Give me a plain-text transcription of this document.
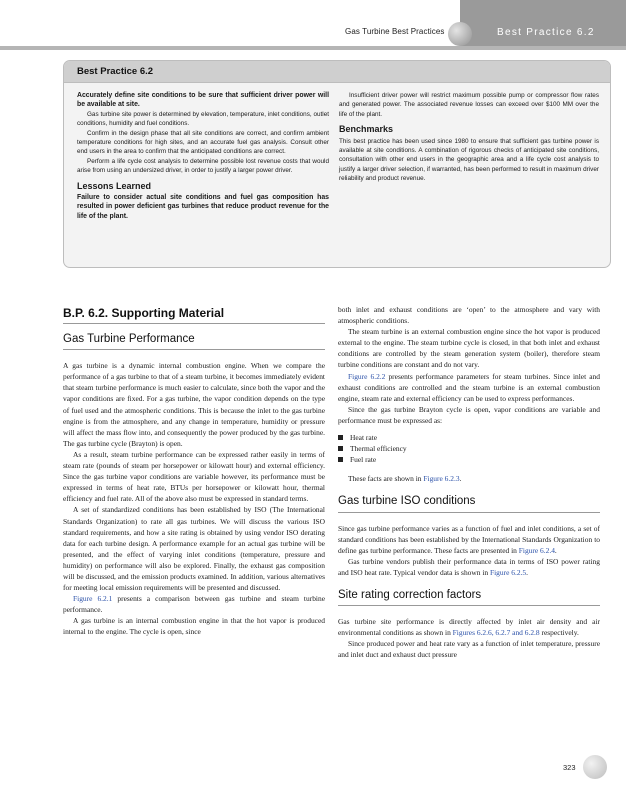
Gas Turbine Best Practices	Best Practice 6.2
Best Practice 6.2

Accurately define site conditions to be sure that sufficient driver power will be available at site.

Gas turbine site power is determined by elevation, temperature, inlet conditions, outlet conditions, humidity and fuel conditions.

Confirm in the design phase that all site conditions are correct, and confirm ambient temperature conditions for high sites, and an accurate fuel gas analysis. Consult other end users in the area to confirm that the anticipated conditions are correct.

Perform a life cycle cost analysis to determine possible lost revenue costs that would arise from using an undersized driver, in order to justify a larger power driver.

Lessons Learned

Failure to consider actual site conditions and fuel gas composition has resulted in power deficient gas turbines that reduce product revenue for the life of the plant.

Insufficient driver power will restrict maximum possible pump or compressor flow rates and generated power. The associated revenue losses can exceed over $100 MM over the life of the plant.

Benchmarks

This best practice has been used since 1980 to ensure that sufficient gas turbine power is available at site conditions. A combination of rigorous checks of anticipated site conditions, consultation with other end users in the geographic area and a life cycle cost analysis to justify a larger driver selection, if warranted, has been performed to result in maximum driver reliability and product revenue.

B.P. 6.2. Supporting Material
Gas Turbine Performance

A gas turbine is a dynamic internal combustion engine. When we compare the performance of a gas turbine to that of a steam turbine, it becomes immediately evident that steam turbine performance is much easier to calculate, since both the vapor and the vapor conditions are fixed. For a gas turbine, the vapor condition depends on the type of fuel used and the atmospheric conditions. This is because the inlet to the gas turbine engine is from the atmosphere, and any change in temperature, humidity or pressure will affect the mass flow into, and consequently the power produced by the gas turbine. The gas turbine cycle (Brayton) is open.

As a result, steam turbine performance can be expressed rather easily in terms of steam rate (pounds of steam per horsepower or kilowatt hour) and external efficiency. Since the gas turbine vapor conditions are variable however, its performance must be expressed in terms of heat rate, BTUs per horsepower or kilowatt hour, thermal efficiency and fuel rate. All of the above also must be expressed in standard terms.

A set of standardized conditions has been established by ISO (The International Standards Organization) to rate all gas turbines. We will discuss the various ISO standard requirements, and how a site rating is obtained by using vendor ISO derating data for each turbine design. A performance example for an actual gas turbine will be presented, and the effect of varying inlet conditions (temperature, pressure and humidity) on performance will also be explored. Finally, the exhaust gas composition will be discussed, and the emission products examined. In addition, various alternatives for meeting local emission requirements will be presented and discussed.

Figure 6.2.1 presents a comparison between gas turbine and steam turbine performance.

A gas turbine is an internal combustion engine in that the hot vapor is produced internal to the engine. The cycle is open, since

both inlet and exhaust conditions are ‘open’ to the atmosphere and vary with atmospheric conditions.

The steam turbine is an external combustion engine since the hot vapor is produced external to the engine. The steam turbine cycle is closed, in that both inlet and exhaust conditions are controlled by the steam generation system (boiler), therefore steam turbine conditions are constant and do not vary.

Figure 6.2.2 presents performance parameters for steam turbines. Since inlet and exhaust conditions are controlled and the steam turbine is an external combustion engine, steam rate and external efficiency can be used to express performances.

Since the gas turbine Brayton cycle is open, vapor conditions are variable and performance must be expressed as:

Heat rate
Thermal efficiency
Fuel rate

These facts are shown in Figure 6.2.3.

Gas turbine ISO conditions

Since gas turbine performance varies as a function of fuel and inlet conditions, a set of standard conditions has been established by the International Standards Organization to define gas turbine performance. These facts are presented in Figure 6.2.4.

Gas turbine vendors publish their performance data in terms of ISO power rating and ISO heat rate. Typical vendor data is shown in Figure 6.2.5.

Site rating correction factors

Gas turbine site performance is directly affected by inlet air density and air environmental conditions as shown in Figures 6.2.6, 6.2.7 and 6.2.8 respectively.

Since produced power and heat rate vary as a function of inlet temperature, pressure and inlet duct and exhaust duct pressure

323
